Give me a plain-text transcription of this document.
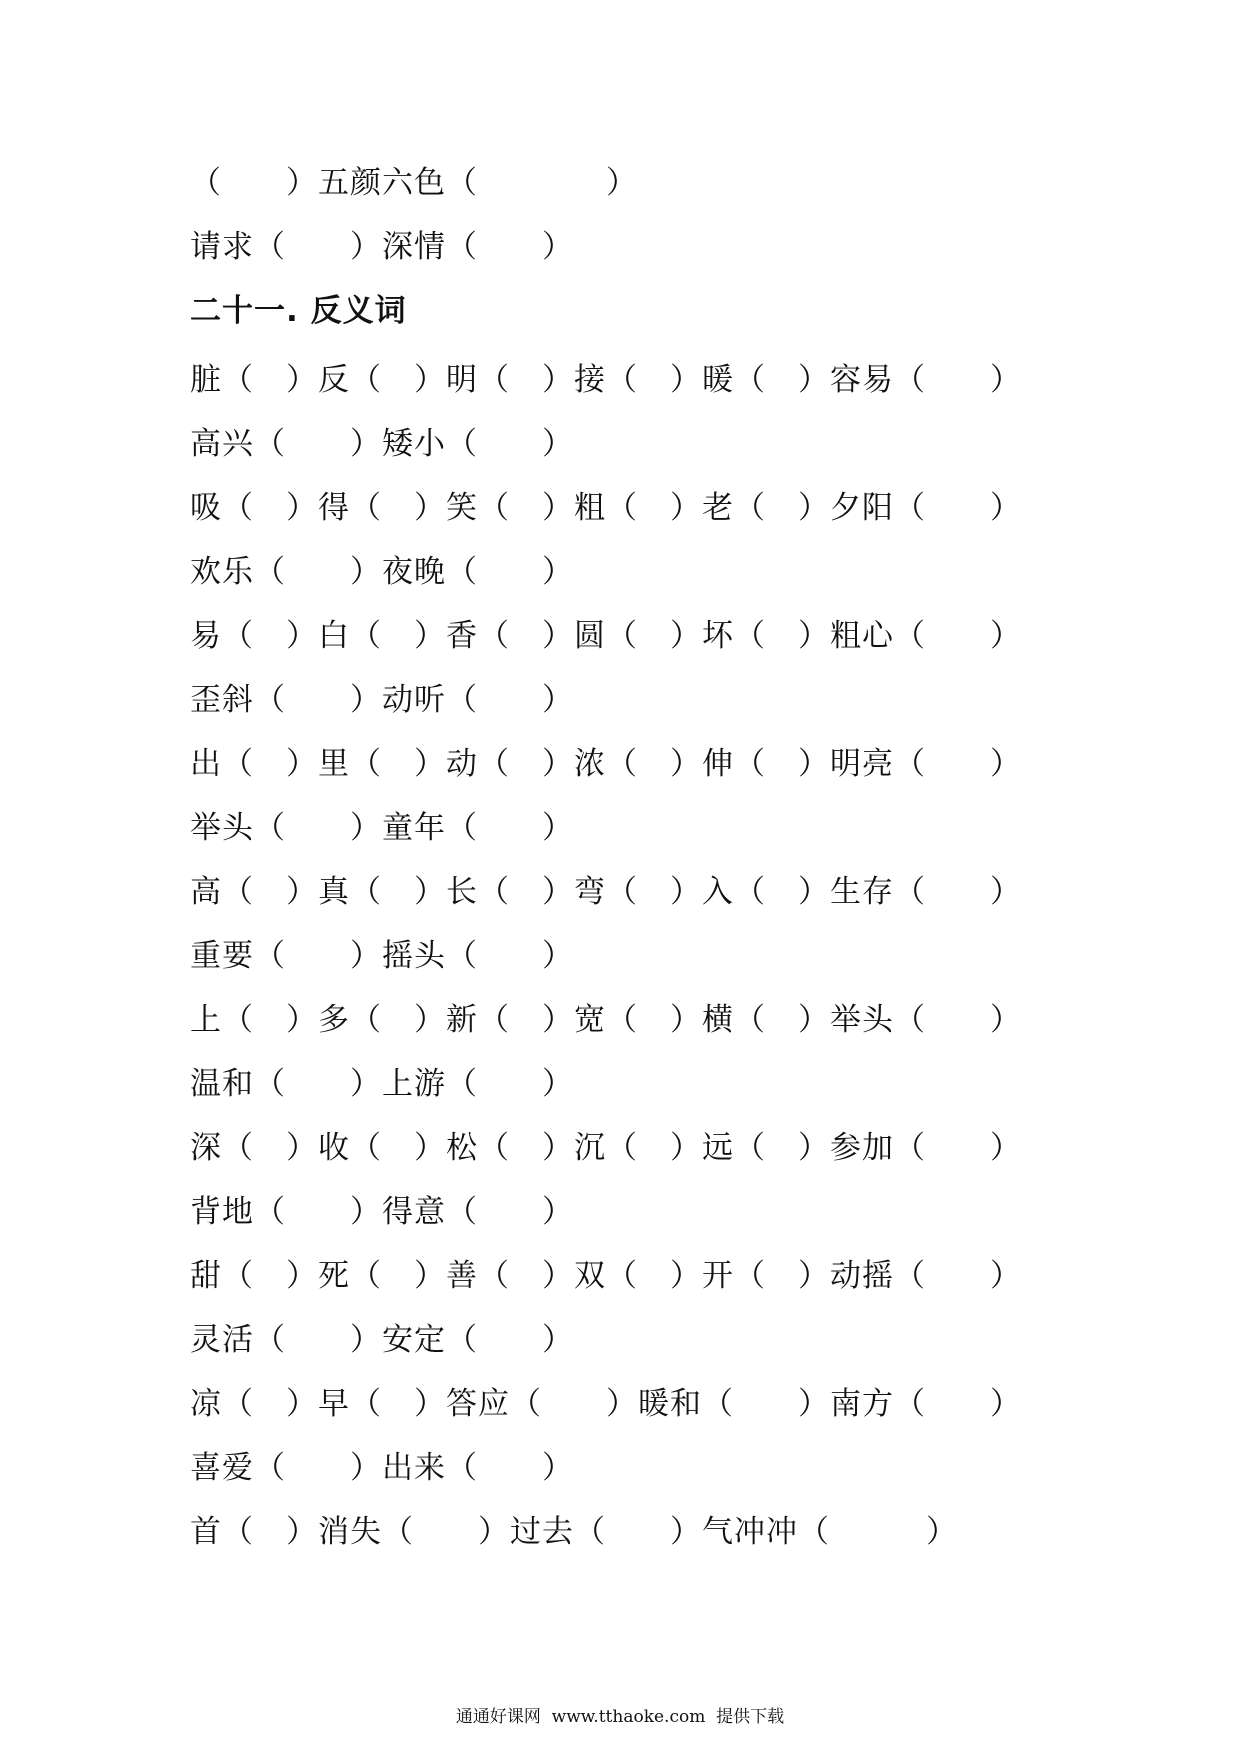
（　　）五颜六色（　　　　）
请求（　　）深情（　　）
二十一. 反义词
脏（　）反（　）明（　）接（　）暖（　）容易（　　）
高兴（　　）矮小（　　）
吸（　）得（　）笑（　）粗（　）老（　）夕阳（　　）
欢乐（　　）夜晚（　　）
易（　）白（　）香（　）圆（　）坏（　）粗心（　　）
歪斜（　　）动听（　　）
出（　）里（　）动（　）浓（　）伸（　）明亮（　　）
举头（　　）童年（　　）
高（　）真（　）长（　）弯（　）入（　）生存（　　）
重要（　　）摇头（　　）
上（　）多（　）新（　）宽（　）横（　）举头（　　）
温和（　　）上游（　　）
深（　）收（　）松（　）沉（　）远（　）参加（　　）
背地（　　）得意（　　）
甜（　）死（　）善（　）双（　）开（　）动摇（　　）
灵活（　　）安定（　　）
凉（　）早（　）答应（　　）暖和（　　）南方（　　）
喜爱（　　）出来（　　）
首（　）消失（　　）过去（　　）气冲冲（　　　）
通通好课网  www.tthaoke.com  提供下载
